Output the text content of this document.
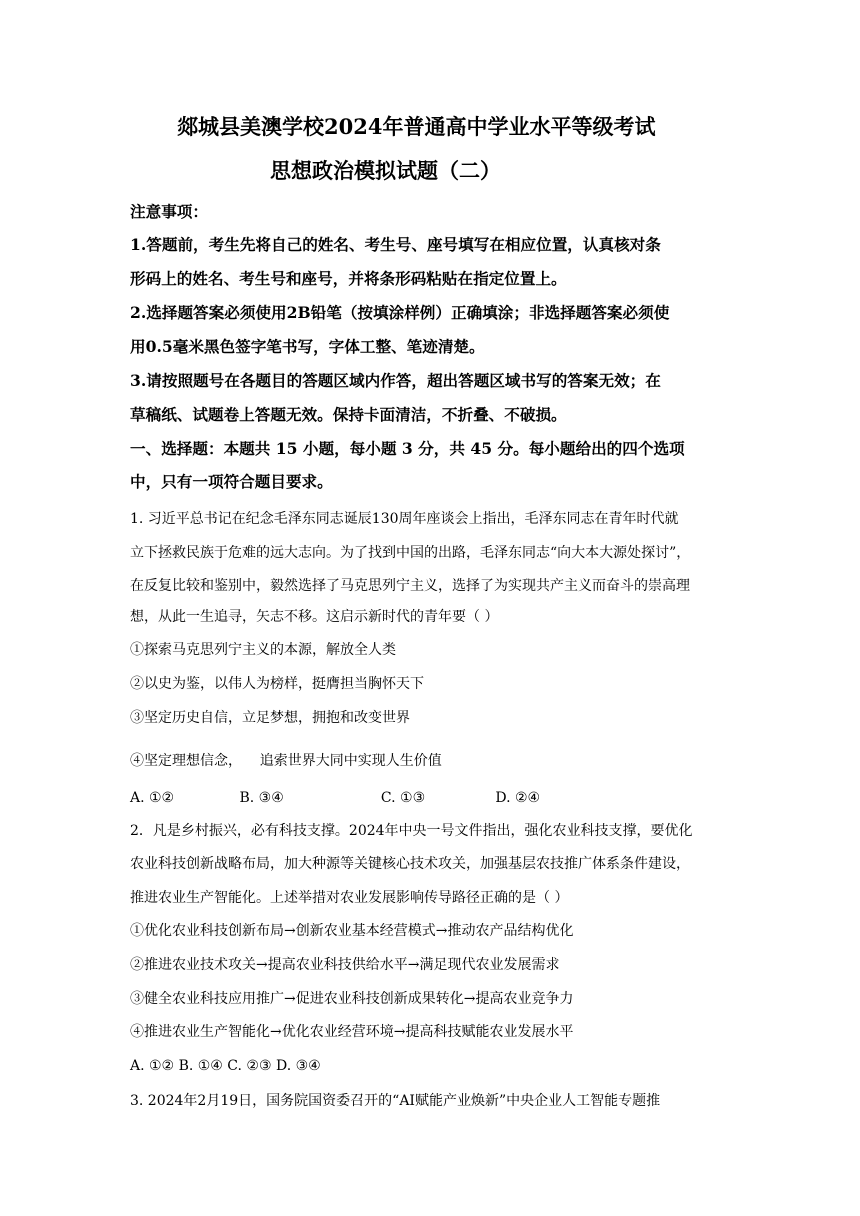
郯城县美澳学校2024年普通高中学业水平等级考试
思想政治模拟试题（二）
注意事项：
1.答题前，考生先将自己的姓名、考生号、座号填写在相应位置，认真核对条
形码上的姓名、考生号和座号，并将条形码粘贴在指定位置上。
2.选择题答案必须使用2B铅笔（按填涂样例）正确填涂；非选择题答案必须使
用0.5毫米黑色签字笔书写，字体工整、笔迹清楚。
3.请按照题号在各题目的答题区域内作答，超出答题区域书写的答案无效；在
草稿纸、试题卷上答题无效。保持卡面清洁，不折叠、不破损。
一、选择题：本题共 15 小题，每小题 3 分，共 45 分。每小题给出的四个选项
中，只有一项符合题目要求。
1. 习近平总书记在纪念毛泽东同志诞辰130周年座谈会上指出，毛泽东同志在青年时代就
立下拯救民族于危难的远大志向。为了找到中国的出路，毛泽东同志“向大本大源处探讨”，
在反复比较和鉴别中，毅然选择了马克思列宁主义，选择了为实现共产主义而奋斗的崇高理
想，从此一生追寻，矢志不移。这启示新时代的青年要（ ）
①探索马克思列宁主义的本源，解放全人类
②以史为鉴，以伟人为榜样，挺膺担当胸怀天下
③坚定历史自信，立足梦想，拥抱和改变世界
④坚定理想信念，    追索世界大同中实现人生价值
A. ①②	B. ③④	C. ①③	D. ②④
2．凡是乡村振兴，必有科技支撑。2024年中央一号文件指出，强化农业科技支撑，要优化
农业科技创新战略布局，加大种源等关键核心技术攻关，加强基层农技推广体系条件建设，
推进农业生产智能化。上述举措对农业发展影响传导路径正确的是（ ）
①优化农业科技创新布局→创新农业基本经营模式→推动农产品结构优化
②推进农业技术攻关→提高农业科技供给水平→满足现代农业发展需求
③健全农业科技应用推广→促进农业科技创新成果转化→提高农业竞争力
④推进农业生产智能化→优化农业经营环境→提高科技赋能农业发展水平
A. ①② B. ①④ C. ②③ D. ③④
3. 2024年2月19日，国务院国资委召开的“AI赋能产业焕新”中央企业人工智能专题推
